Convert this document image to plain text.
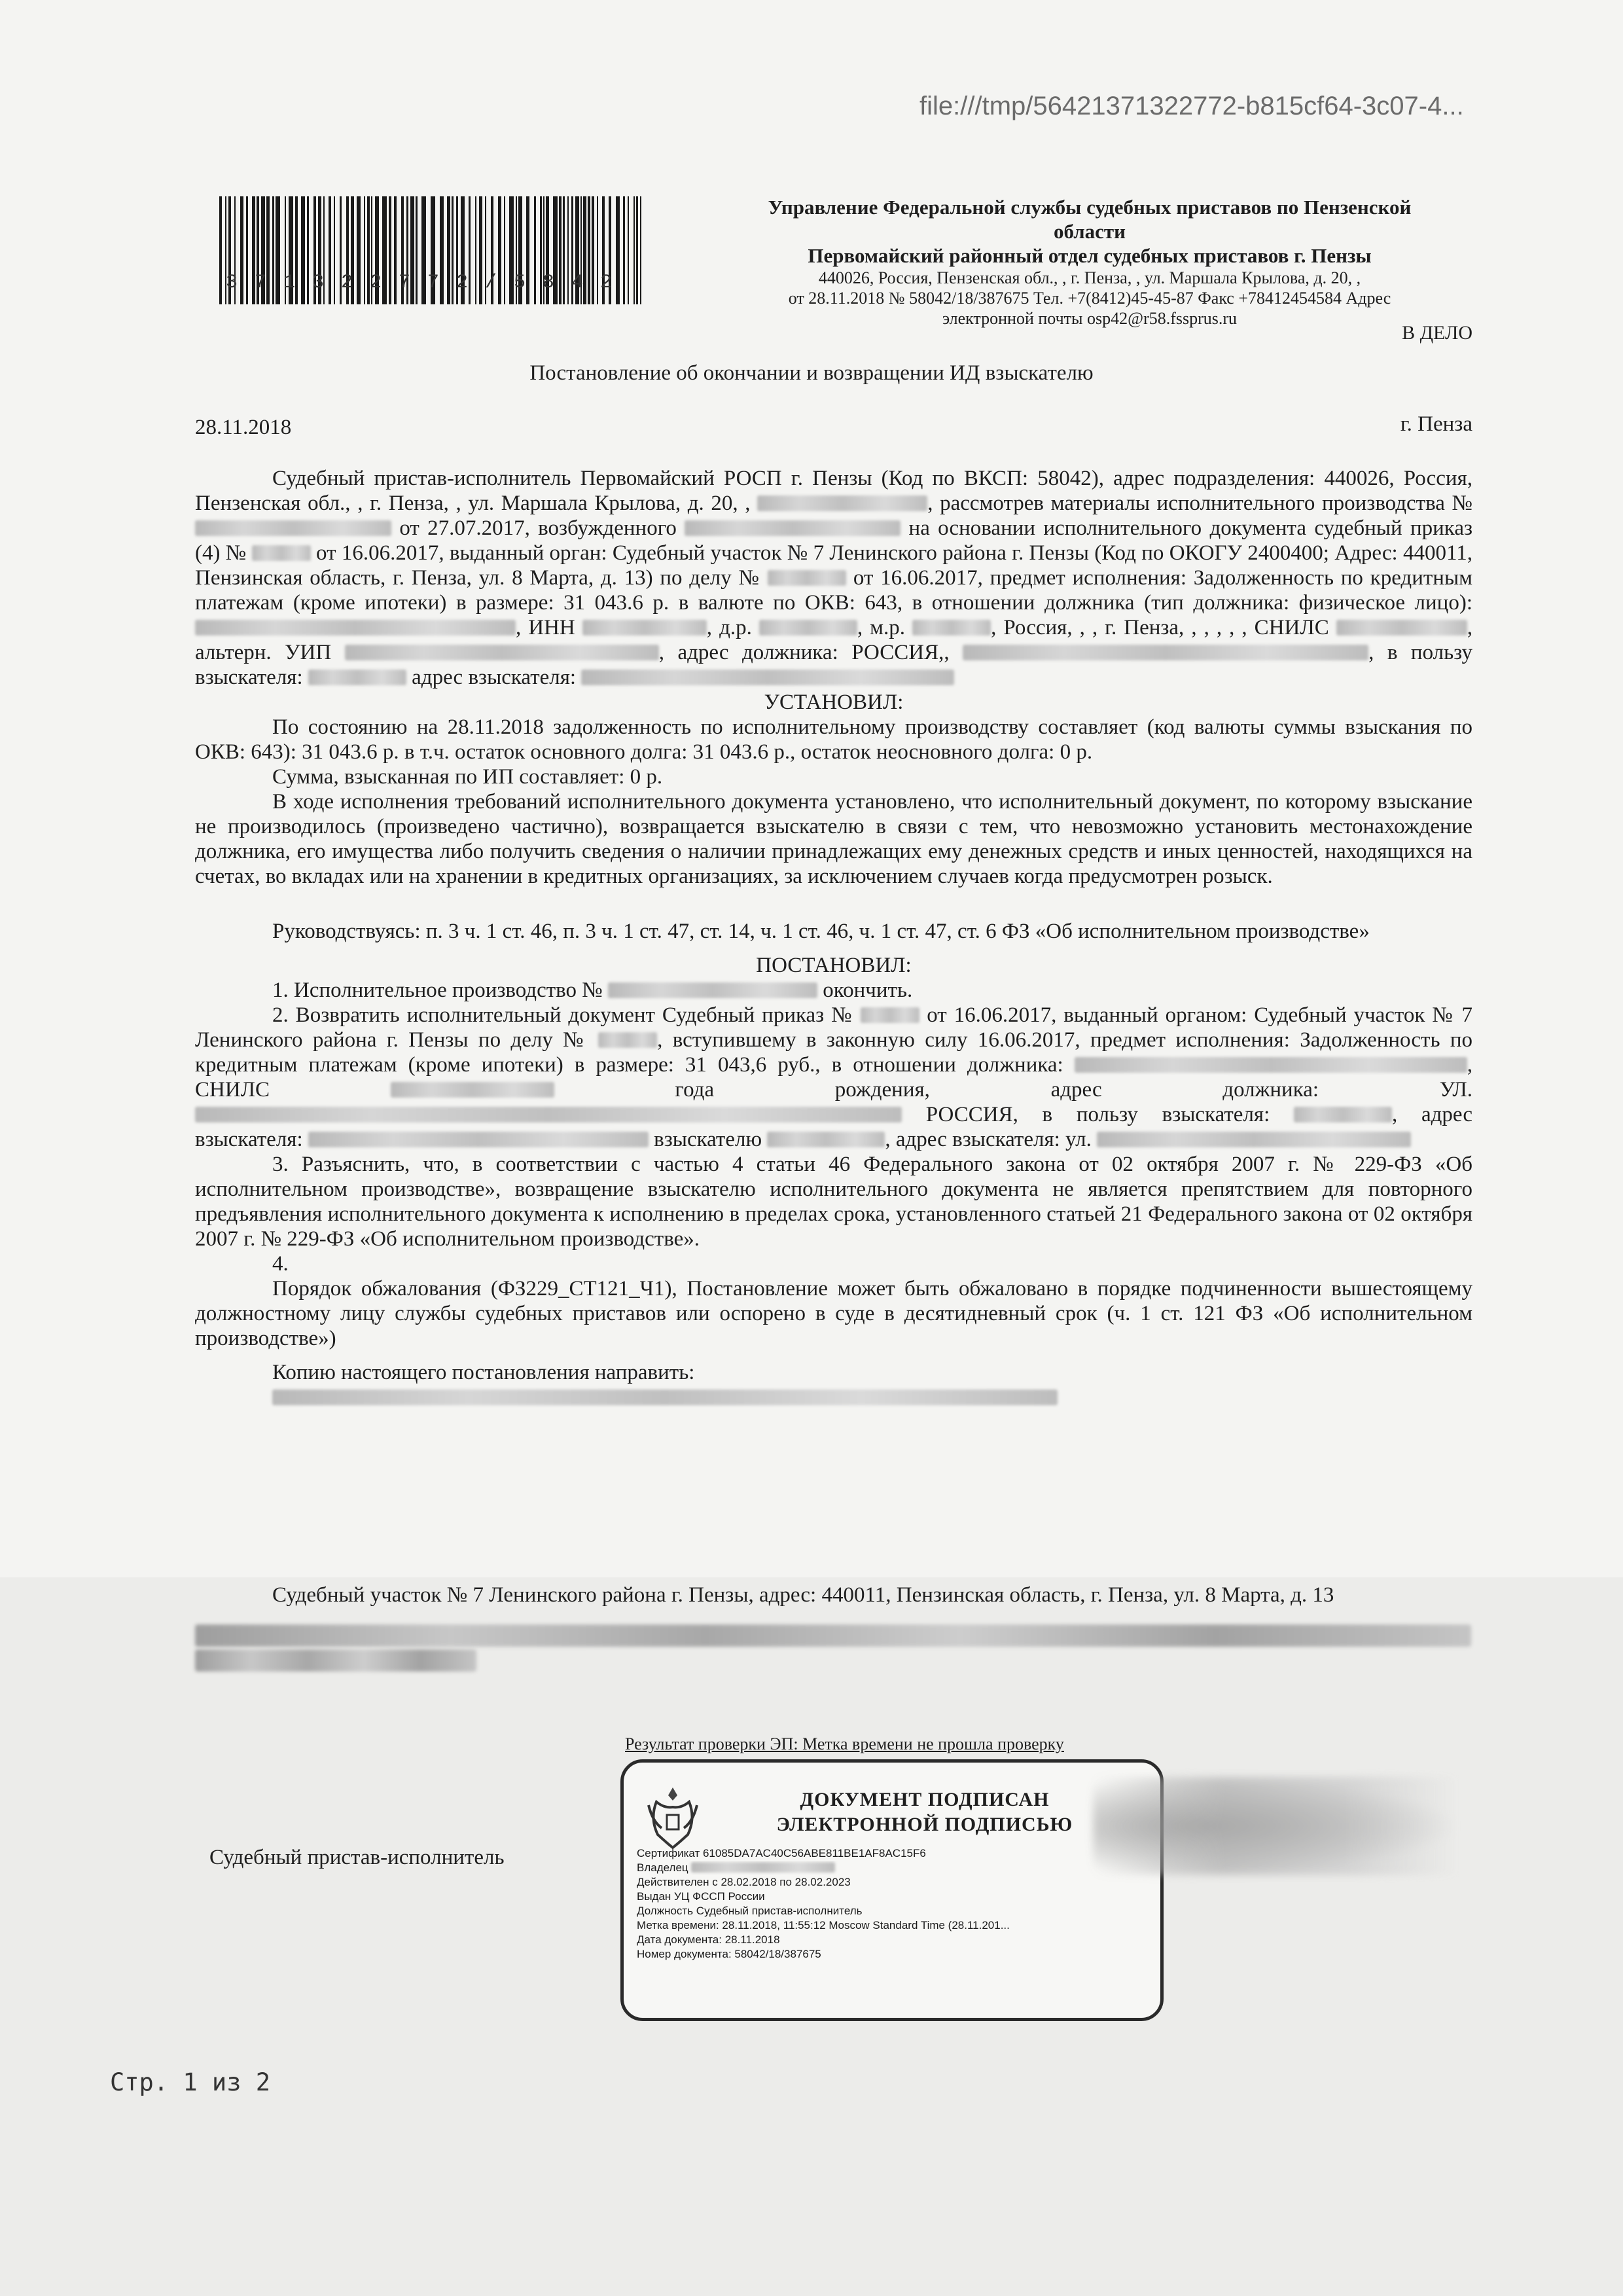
file:///tmp/56421371322772-b815cf64-3c07-4...
371322772/5842
Управление Федеральной службы судебных приставов по Пензенской
области
Первомайский районный отдел судебных приставов г. Пензы
440026, Россия, Пензенская обл., , г. Пенза, , ул. Маршала Крылова, д. 20, ,
от 28.11.2018 № 58042/18/387675 Тел. +7(8412)45-45-87 Факс +78412454584 Адрес
электронной почты osp42@r58.fssprus.ru
В ДЕЛО
Постановление об окончании и возвращении ИД взыскателю
28.11.2018	г. Пенза
Судебный пристав-исполнитель Первомайский РОСП г. Пензы (Код по ВКСП: 58042), адрес подразделения: 440026, Россия, Пензенская обл., , г. Пенза, , ул. Маршала Крылова, д. 20, ,	, рассмотрев материалы исполнительного производства №  от 27.07.2017, возбужденного	на основании исполнительного документа судебный приказ (4) №	от 16.06.2017, выданный орган: Судебный участок № 7 Ленинского района г. Пензы (Код по ОКОГУ 2400400; Адрес: 440011, Пензинская область, г. Пенза, ул. 8 Марта, д. 13) по делу №	от 16.06.2017, предмет исполнения: Задолженность по кредитным платежам (кроме ипотеки) в размере: 31 043.6 р. в валюте по ОКВ: 643, в отношении должника (тип должника: физическое лицо): , ИНН	, д.р.	, м.р.	, Россия, , , г. Пенза, , , , , , СНИЛС	, альтерн. УИП	, адрес должника: РОССИЯ,,	, в пользу взыскателя:	адрес взыскателя:
УСТАНОВИЛ:
По состоянию на 28.11.2018 задолженность по исполнительному производству составляет (код валюты суммы взыскания по ОКВ: 643): 31 043.6 р. в т.ч. остаток основного долга: 31 043.6 р., остаток неосновного долга: 0 р.
Сумма, взысканная по ИП составляет: 0 р.
В ходе исполнения требований исполнительного документа установлено, что исполнительный документ, по которому взыскание не производилось (произведено частично), возвращается взыскателю в связи с тем, что невозможно установить местонахождение должника, его имущества либо получить сведения о наличии принадлежащих ему денежных средств и иных ценностей, находящихся на счетах, во вкладах или на хранении в кредитных организациях, за исключением случаев когда предусмотрен розыск.
Руководствуясь: п. 3 ч. 1 ст. 46, п. 3 ч. 1 ст. 47, ст. 14, ч. 1 ст. 46, ч. 1 ст. 47, ст. 6 ФЗ «Об исполнительном производстве»
ПОСТАНОВИЛ:
1. Исполнительное производство №	окончить.
2. Возвратить исполнительный документ Судебный приказ №	от 16.06.2017, выданный органом: Судебный участок № 7 Ленинского района г. Пензы по делу №	, вступившему в законную силу 16.06.2017, предмет исполнения: Задолженность по кредитным платежам (кроме ипотеки) в размере: 31 043,6 руб., в отношении должника:	, СНИЛС	года рождения, адрес должника: УЛ.  РОССИЯ, в пользу взыскателя:	, адрес взыскателя:	взыскателю	, адрес взыскателя: ул.
3. Разъяснить, что, в соответствии с частью 4 статьи 46 Федерального закона от 02 октября 2007 г. № 229-ФЗ «Об исполнительном производстве», возвращение взыскателю исполнительного документа не является препятствием для повторного предъявления исполнительного документа к исполнению в пределах срока, установленного статьей 21 Федерального закона от 02 октября 2007 г. № 229-ФЗ «Об исполнительном производстве».
4.
Порядок обжалования (ФЗ229_СТ121_Ч1), Постановление может быть обжаловано в порядке подчиненности вышестоящему должностному лицу службы судебных приставов или оспорено в суде в десятидневный срок (ч. 1 ст. 121 ФЗ «Об исполнительном производстве»)
Копию настоящего постановления направить:
Судебный участок № 7 Ленинского района г. Пензы, адрес: 440011, Пензинская область, г. Пенза, ул. 8 Марта, д. 13
Результат проверки ЭП: Метка времени не прошла проверку
ДОКУМЕНТ ПОДПИСАН
ЭЛЕКТРОННОЙ ПОДПИСЬЮ
Сертификат 61085DA7AC40C56ABE811BE1AF8AC15F6
Владелец
Действителен с 28.02.2018 по 28.02.2023
Выдан УЦ ФССП России
Должность Судебный пристав-исполнитель
Метка времени: 28.11.2018, 11:55:12 Moscow Standard Time (28.11.201...
Дата документа: 28.11.2018
Номер документа: 58042/18/387675
Судебный пристав-исполнитель
Стр. 1 из 2
